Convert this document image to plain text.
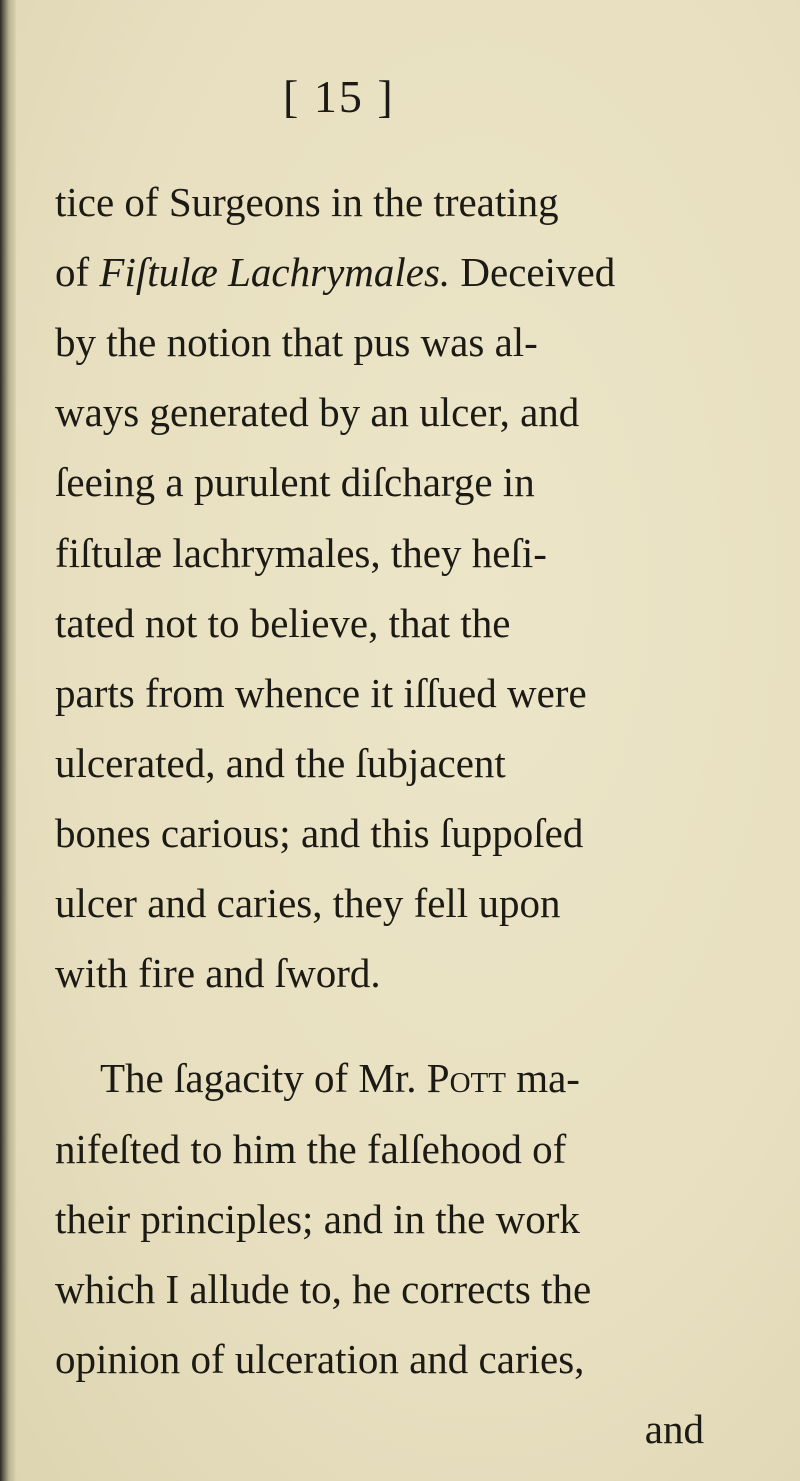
[ 15 ]
tice of Surgeons in the treating
of Fiſtulæ Lachrymales. Deceived
by the notion that pus was al-
ways generated by an ulcer, and
ſeeing a purulent diſcharge in
fiſtulæ lachrymales, they heſi-
tated not to believe, that the
parts from whence it iſſued were
ulcerated, and the ſubjacent
bones carious; and this ſuppoſed
ulcer and caries, they fell upon
with fire and ſword.
The ſagacity of Mr. Pott ma-
nifeſted to him the falſehood of
their principles; and in the work
which I allude to, he corrects the
opinion of ulceration and caries,
and
